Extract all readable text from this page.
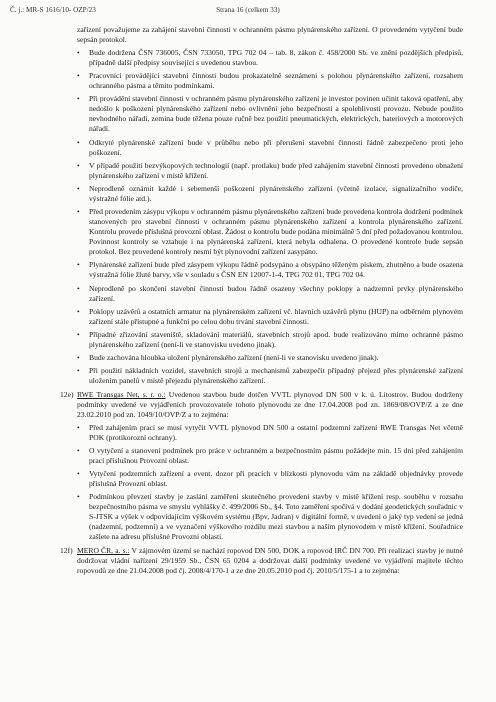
Č. j.: MR-S 1616/10- OZP/23	Strana 16 (celkem 33)

zařízení považujeme za zahájení stavební činnosti v ochranném pásmu plynárenského zařízení. O provedeném vytyčení bude sepsán protokol.

• Bude dodržena ČSN 736005, ČSN 733050, TPG 702 04 – tab. 8, zákon č. 458/2000 Sb. ve znění pozdějších předpisů, případně další předpisy související s uvedenou stavbou.
• Pracovníci provádějící stavební činnosti budou prokazatelně seznámeni s polohou plynárenského zařízení, rozsahem ochranného pásma a těmito podmínkami.
• Při provádění stavební činnosti v ochranném pásmu plynárenského zařízení je investor povinen učinit taková opatření, aby nedošlo k poškození plynárenského zařízení nebo ovlivnění jeho bezpečnosti a spolehlivosti provozu. Nebude použito nevhodného nářadí, zemina bude těžena pouze ručně bez použití pneumatických, elektrických, bateriových a motorových nářadí.
• Odkryté plynárenské zařízení bude v průběhu nebo při přerušení stavební činnosti řádně zabezpečeno proti jeho poškození.
• V případě použití bezvýkopových technologií (např. protlaku) bude před zahájením stavební činnosti provedeno obnažení plynárenského zařízení v místě křížení.
• Neprodleně oznámit každé i sebemenší poškození plynárenského zařízení (včetně izolace, signalizačního vodiče, výstražné fólie atd.).
• Před provedením zásypu výkopu v ochranném pásmu plynárenského zařízení bude provedena kontrola dodržení podmínek stanovených pro stavební činnosti v ochranném pásmu plynárenského zařízení a kontrola plynárenského zařízení. Kontrolu provede příslušná provozní oblast. Žádost o kontrolu bude podána minimálně 5 dní před požadovanou kontrolou. Povinnost kontroly se vztahuje i na plynárenská zařízení, která nebyla odhalena. O provedené kontrole bude sepsán protokol. Bez provedené kontroly nesmí být plynovodní zařízení zasypáno.
• Plynárenské zařízení bude před zásypem výkopu řádně podsypáno a obsypáno těženým pískem, zhutněno a bude osazena výstražná fólie žluté barvy, vše v souladu s ČSN EN 12007-1-4, TPG 702 01, TPG 702 04.
• Neprodleně po skončení stavební činnosti budou řádně osazeny všechny poklopy a nadzemní prvky plynárenského zařízení.
• Poklopy uzávěrů a ostatních armatur na plynárenském zařízení vč. hlavních uzávěrů plynu (HUP) na odběrném plynovém zařízení stále přístupné a funkční po celou dobu trvání stavební činnosti.
• Případné zřizování staveniště, skladování materiálů, stavebních strojů apod. bude realizováno mimo ochranné pásmo plynárenského zařízení (není-li ve stanovisku uvedeno jinak).
• Bude zachována hloubka uložení plynárenského zařízení (není-li ve stanovisku uvedeno jinak).
• Při použití nákladních vozidel, stavebních strojů a mechanismů zabezpečit případný přejezd přes plynárenské zařízení uložením panelů v místě přejezdu plynárenského zařízení.
12e) RWE Transgas Net, s. r. o.: Uvedenou stavbou bude dotčen VVTL plynovod DN 500 v k. ú. Litostrov. Budou dodrženy podmínky uvedené ve vyjádřeních provozovatele tohoto plynovodu ze dne 17.04.2008 pod zn. 1869/08/OVP/Z a ze dne 23.02.2010 pod zn. 1049/10/OVP/Z a to zejména:

• Před zahájením prací se musí vytyčit VVTL plynovod DN 500 a ostatní podzemní zařízení RWE Transgas Net včetně POK (protikorozní ochrany).
• O vytyčení a stanovení podmínek pro práce v ochranném a bezpečnostním pásmu požádejte min. 15 dní před zahájením prací příslušnou Provozní oblast.
• Vytyčení podzemních zařízení a event. dozor při pracích v blízkosti plynovodu vám na základě objednávky provede příslušná Provozní oblast.
• Podmínkou převzetí stavby je zaslání zaměření skutečného provedení stavby v místě křížení resp. souběhu v rozsahu bezpečnostního pásma ve smyslu vyhlášky č. 499/2006 Sb., §4. Toto zaměření spočívá v dodání geodetických souřadnic v S-JTSK a výšek v odpovídajícím výškovém systému (Bpv, Jadran) v digitální formě, v uvedení o jaký typ vedení se jedná (nadzemní, podzemní) a ve vyznačení výškového rozdílu mezi stavbou a naším plynovodem v místě křížení. Souřadnice zašlete na adresu příslušné Provozní oblasti.
12f) MERO ČR, a. s.: V zájmovém území se nachází ropovod DN 500, DOK a ropovod IRČ DN 700. Při realizaci stavby je nutné dodržovat vládní nařízení 29/1959 Sb., ČSN 65 0204 a dodržovat další podmínky uvedené ve vyjádření majitele těchto ropovodů ze dne 21.04.2008 pod čj. 2008/4/170-1 a ze dne 20.05.2010 pod čj. 2010/5/175-1 a to zejména:
